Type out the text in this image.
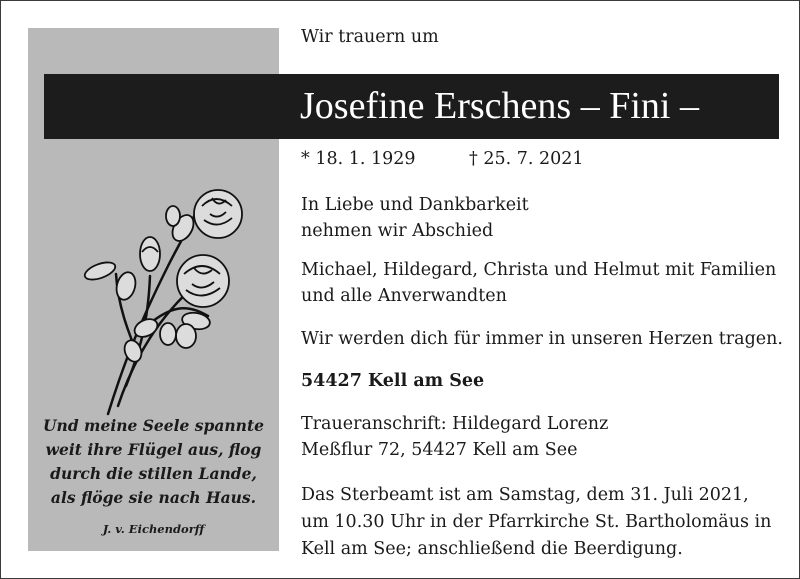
Und meine Seele spannte
weit ihre Flügel aus, flog
durch die stillen Lande,
als flöge sie nach Haus.
J. v. Eichendorff
Wir trauern um
Josefine Erschens – Fini –
* 18. 1. 1929	† 25. 7. 2021
In Liebe und Dankbarkeit
nehmen wir Abschied
Michael, Hildegard, Christa und Helmut mit Familien
und alle Anverwandten
Wir werden dich für immer in unseren Herzen tragen.
54427 Kell am See
Traueranschrift: Hildegard Lorenz
Meßflur 72, 54427 Kell am See
Das Sterbeamt ist am Samstag, dem 31. Juli 2021,
um 10.30 Uhr in der Pfarrkirche St. Bartholomäus in
Kell am See; anschließend die Beerdigung.
